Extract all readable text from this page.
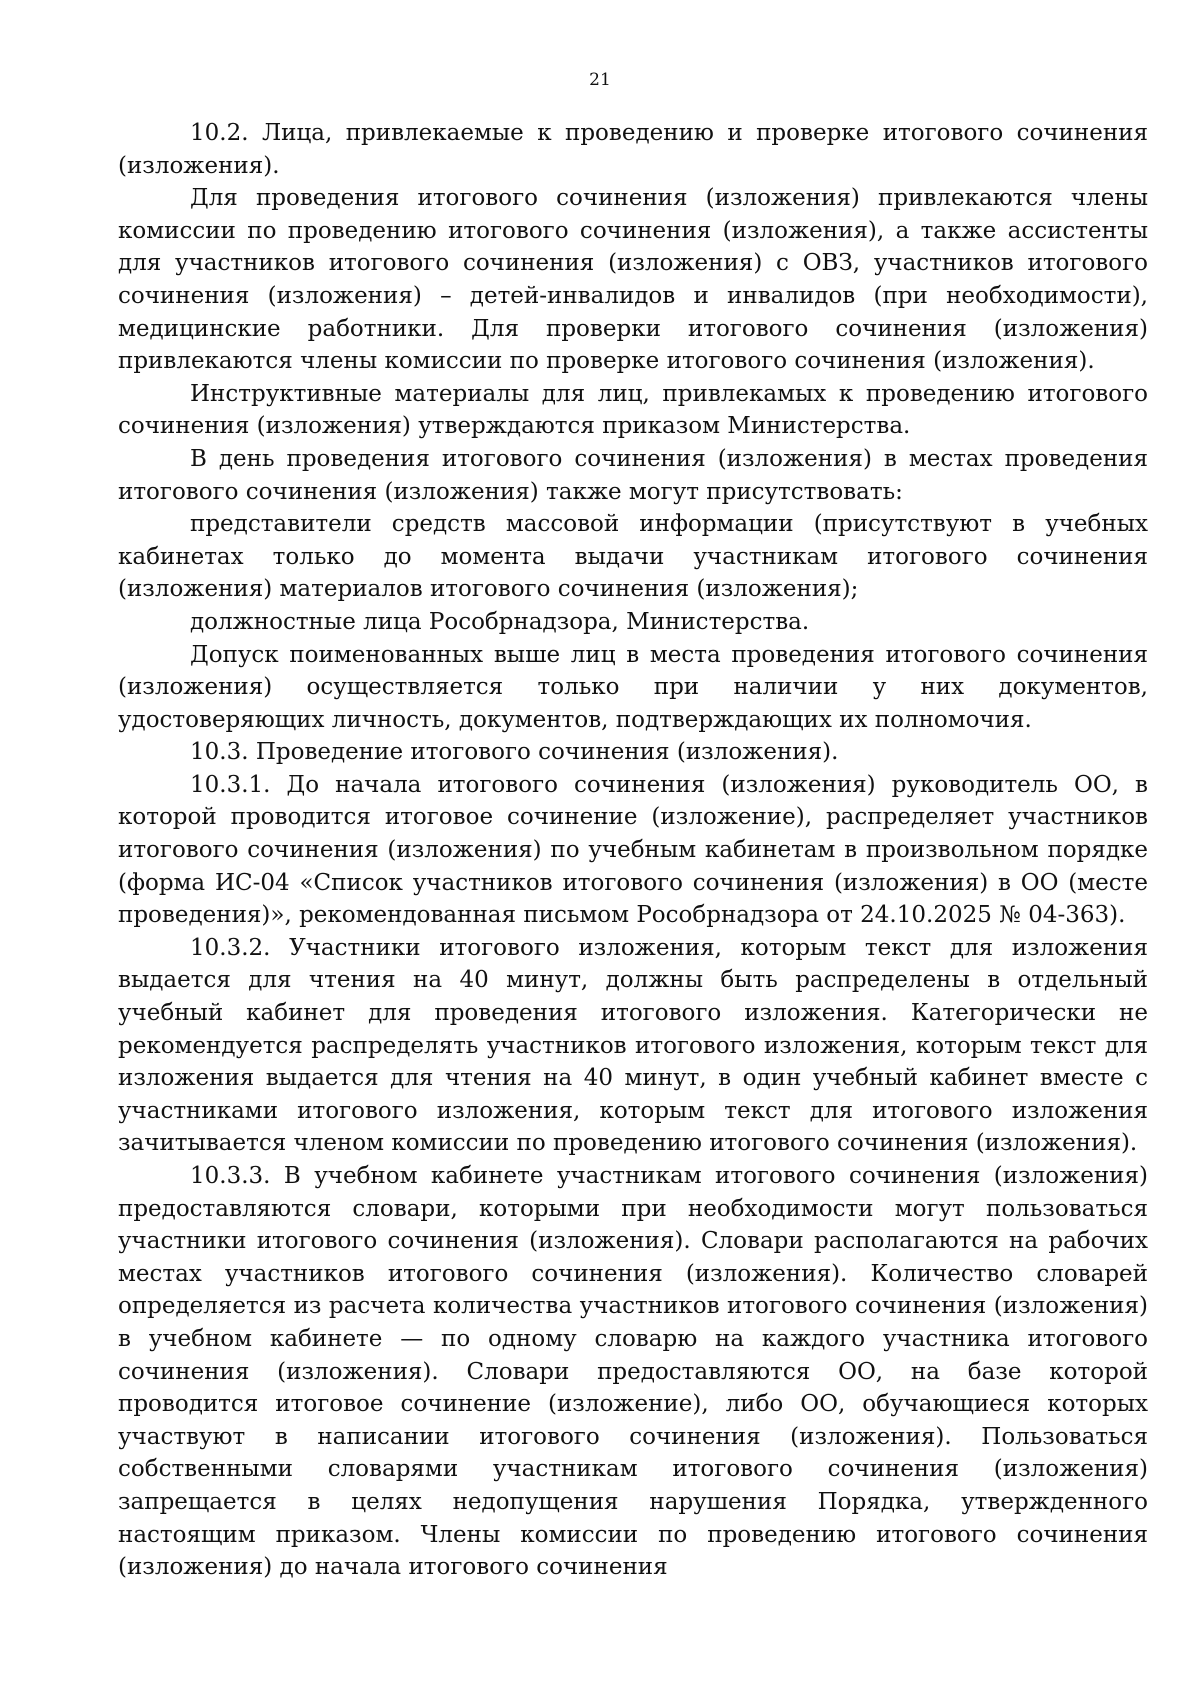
21

10.2. Лица, привлекаемые к проведению и проверке итогового сочинения (изложения).

Для проведения итогового сочинения (изложения) привлекаются члены комиссии по проведению итогового сочинения (изложения), а также ассистенты для участников итогового сочинения (изложения) с ОВЗ, участников итогового сочинения (изложения) – детей-инвалидов и инвалидов (при необходимости), медицинские работники. Для проверки итогового сочинения (изложения) привлекаются члены комиссии по проверке итогового сочинения (изложения).

Инструктивные материалы для лиц, привлекамых к проведению итогового сочинения (изложения) утверждаются приказом Министерства.

В день проведения итогового сочинения (изложения) в местах проведения итогового сочинения (изложения) также могут присутствовать:

представители средств массовой информации (присутствуют в учебных кабинетах только до момента выдачи участникам итогового сочинения (изложения) материалов итогового сочинения (изложения);

должностные лица Рособрнадзора, Министерства.

Допуск поименованных выше лиц в места проведения итогового сочинения (изложения) осуществляется только при наличии у них документов, удостоверяющих личность, документов, подтверждающих их полномочия.

10.3. Проведение итогового сочинения (изложения).

10.3.1. До начала итогового сочинения (изложения) руководитель ОО, в которой проводится итоговое сочинение (изложение), распределяет участников итогового сочинения (изложения) по учебным кабинетам в произвольном порядке (форма ИС-04 «Список участников итогового сочинения (изложения) в ОО (месте проведения)», рекомендованная письмом Рособрнадзора от 24.10.2025 № 04-363).

10.3.2. Участники итогового изложения, которым текст для изложения выдается для чтения на 40 минут, должны быть распределены в отдельный учебный кабинет для проведения итогового изложения. Категорически не рекомендуется распределять участников итогового изложения, которым текст для изложения выдается для чтения на 40 минут, в один учебный кабинет вместе с участниками итогового изложения, которым текст для итогового изложения зачитывается членом комиссии по проведению итогового сочинения (изложения).

10.3.3. В учебном кабинете участникам итогового сочинения (изложения) предоставляются словари, которыми при необходимости могут пользоваться участники итогового сочинения (изложения). Словари располагаются на рабочих местах участников итогового сочинения (изложения). Количество словарей определяется из расчета количества участников итогового сочинения (изложения) в учебном кабинете — по одному словарю на каждого участника итогового сочинения (изложения). Словари предоставляются ОО, на базе которой проводится итоговое сочинение (изложение), либо ОО, обучающиеся которых участвуют в написании итогового сочинения (изложения). Пользоваться собственными словарями участникам итогового сочинения (изложения) запрещается в целях недопущения нарушения Порядка, утвержденного настоящим приказом. Члены комиссии по проведению итогового сочинения (изложения) до начала итогового сочинения
